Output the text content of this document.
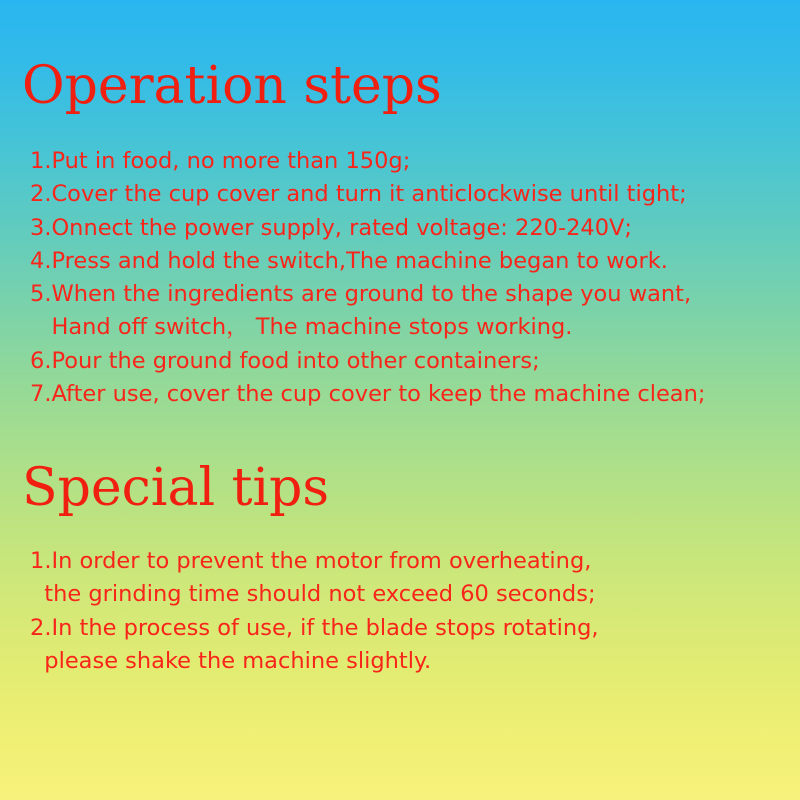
Operation steps
1.Put in food, no more than 150g;
2.Cover the cup cover and turn it anticlockwise until tight;
3.Onnect the power supply, rated voltage: 220-240V;
4.Press and hold the switch,The machine began to work.
5.When the ingredients are ground to the shape you want,
Hand off switch， The machine stops working.
6.Pour the ground food into other containers;
7.After use, cover the cup cover to keep the machine clean;
Special tips
1.In order to prevent the motor from overheating,
the grinding time should not exceed 60 seconds;
2.In the process of use, if the blade stops rotating,
please shake the machine slightly.
